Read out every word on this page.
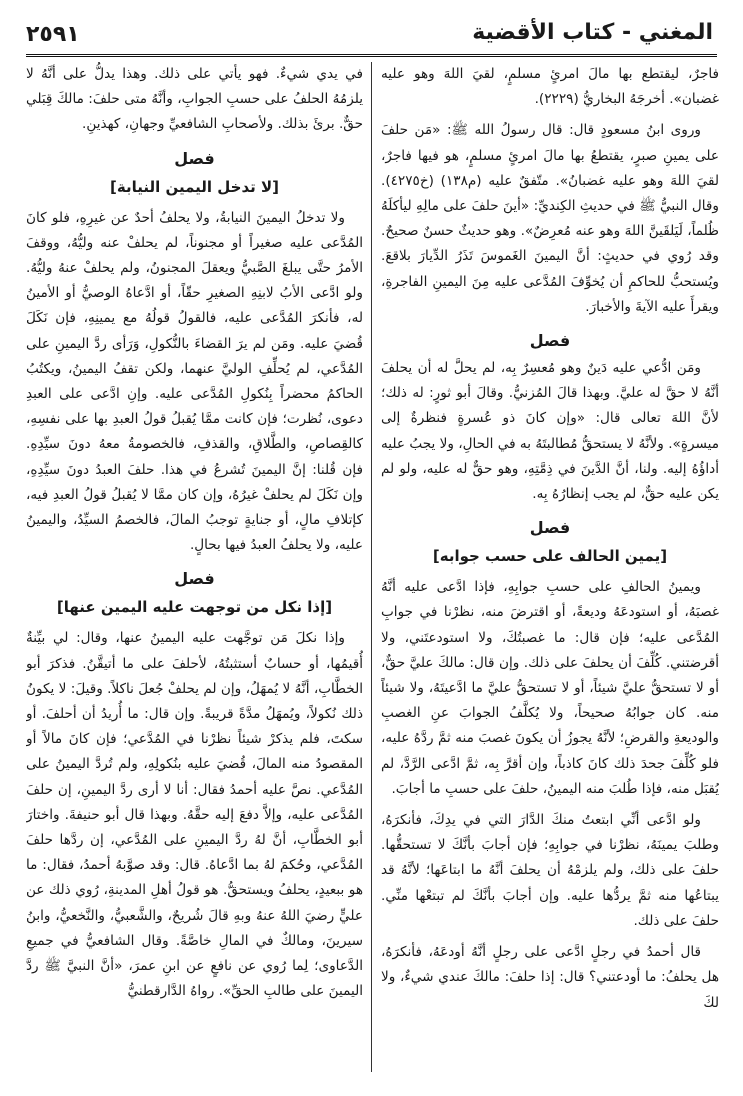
٢٥٩١	المغني - كتاب الأقضية

فاجرٌ، ليقتطع بها مالَ امرئٍ مسلمٍ، لقيَ اللهَ وهو عليه غضبان». أخرجَهُ البخاريُّ (٢٢٢٩).

وروى ابنُ مسعودٍ قال: قال رسولُ الله ﷺ: «مَن حلفَ على يمينِ صبرٍ، يقتطعُ بها مالَ امرئٍ مسلمٍ، هو فيها فاجرٌ، لقيَ اللهَ وهو عليه غضبانُ». متّفقٌ عليه (م١٣٨) (خ٤٢٧٥). وقال النبيُّ ﷺ في حديثِ الكِنديِّ: «أينَ حلفَ على مالِهِ ليأكلَهُ ظُلماً، لَيَلقَينَّ اللهَ وهو عنه مُعرِضٌ». وهو حديثٌ حسنٌ صحيحٌ. وقد رُوي في حديثٍ: أنَّ اليمينَ الغَموسَ تَذَرُ الدِّيارَ بلاقعَ. ويُستحبُّ للحاكمِ أن يُخوِّفَ المُدَّعى عليه مِنَ اليمينِ الفاجرةِ، ويقرأَ عليه الآيةَ والأخبارَ.

فصل

ومَن ادُّعي عليه دَينٌ وهو مُعسِرٌ بِه، لم يحلَّ له أن يحلفَ أنَّهُ لا حقَّ له عليَّ. وبهذا قالَ المُزنيُّ. وقالَ أبو ثورٍ: له ذلك؛ لأنَّ اللهَ تعالى قال: «وإن كانَ ذو عُسرةٍ فنظرةٌ إلى ميسرةٍ». ولأنَّهُ لا يستحقُّ مُطالبتَهُ به في الحالِ، ولا يجبُ عليه أداؤُهُ إليه. ولنا، أنَّ الدَّينَ في ذِمَّتِهِ، وهو حقٌّ له عليه، ولو لم يكن عليه حقٌّ، لم يجب إنظارُهُ بِه.

فصل
[يمين الحالف على حسب جوابه]

ويمينُ الحالفِ على حسبِ جوابِهِ، فإذا ادَّعى عليه أنَّهُ غصبَهُ، أو استودعَهُ وديعةً، أو اقترضَ منه، نظرْنا في جوابِ المُدَّعى عليه؛ فإن قال: ما غصبتُكَ، ولا استودعتَني، ولا أقرضتني. كُلِّفَ أن يحلفَ على ذلك. وإن قال: مالكَ عليَّ حقٌّ، أو لا تستحقُّ عليَّ شيئاً، أو لا تستحقُّ عليَّ ما ادَّعيتَهُ، ولا شيئاً منه. كان جوابُهُ صحيحاً، ولا يُكلَّفُ الجوابَ عنِ الغصبِ والوديعةِ والقرضِ؛ لأنَّهُ يجوزُ أن يكونَ غصبَ منه ثمَّ ردَّهُ عليه، فلو كُلِّفَ جحدَ ذلك كانَ كاذباً، وإن أقرَّ بِه، ثمَّ ادَّعى الرَّدَّ، لم يُقبَل منه، فإذا طُلبَ منه اليمينُ، حلفَ على حسبِ ما أجابَ.

ولو ادَّعى أنِّي ابتعتُ منكَ الدَّارَ التي في يدِكَ، فأنكرَهُ، وطلبَ يمينَهُ، نظرْنا في جوابِهِ؛ فإن أجابَ بأنَّكَ لا تستحقُّها. حلفَ على ذلك، ولم يلزمْهُ أن يحلفَ أنَّهُ ما ابتاعَها؛ لأنَّهُ قد يبتاعُها منه ثمَّ يردُّها عليه. وإن أجابَ بأنَّكَ لم تبتعْها منِّي. حلفَ على ذلك.

قال أحمدُ في رجلٍ ادَّعى على رجلٍ أنَّهُ أودعَهُ، فأنكرَهُ، هل يحلفُ: ما أودعتني؟ قال: إذا حلفَ: مالكَ عندي شيءٌ، ولا لكَ

في يدي شيءٌ. فهو يأتي على ذلك. وهذا يدلُّ على أنَّهُ لا يلزمُهُ الحلفُ على حسبِ الجوابِ، وأنَّهُ متى حلفَ: مالكَ قِبَلي حقٌّ. برئَ بذلك. ولأصحابِ الشافعيِّ وجهانِ، كهذينِ.

فصل
[لا تدخل اليمين النيابة]

ولا تدخلُ اليمينَ النيابةُ، ولا يحلفُ أحدٌ عن غيرِهِ، فلو كانَ المُدَّعى عليه صغيراً أو مجنوناً، لم يحلفْ عنه وليُّهُ، ووقفَ الأمرُ حتَّى يبلغَ الصَّبيُّ ويعقلَ المجنونُ، ولم يحلفْ عنهُ وليُّهُ. ولو ادَّعى الأبُ لابنِهِ الصغيرِ حقّاً، أو ادَّعاهُ الوصيُّ أو الأمينُ له، فأنكرَ المُدَّعى عليه، فالقولُ قولُهُ مع يمينِهِ، فإن نَكَلَ قُضيَ عليه. ومَن لم يرَ القضاءَ بالنُّكولِ، وَرَأى ردَّ اليمينِ على المُدَّعي، لم يُحلِّفِ الوليَّ عنهما، ولكن تقفُ اليمينُ، ويكتُبُ الحاكمُ محضراً بِنُكولِ المُدَّعى عليه. وإنِ ادَّعى على العبدِ دعوى، نُظرت؛ فإن كانت ممَّا يُقبلُ قولُ العبدِ بها على نفسِهِ، كالقِصاصِ، والطَّلاقِ، والقذفِ، فالخصومةُ معهُ دونَ سيِّدِهِ. فإن قُلنا: إنَّ اليمينَ تُشرعُ في هذا. حلفَ العبدُ دونَ سيِّدِهِ، وإن نَكَلَ لم يحلفْ غيرُهُ، وإن كان ممَّا لا يُقبلُ قولُ العبدِ فيه، كإتلافِ مالٍ، أو جنايةٍ توجبُ المالَ، فالخصمُ السيِّدُ، واليمينُ عليه، ولا يحلفُ العبدُ فيها بحالٍ.

فصل
[إذا نكل من توجهت عليه اليمين عنها]

وإذا نكلَ مَن توجَّهت عليه اليمينُ عنها، وقال: لي بيِّنةٌ أُقيمُها، أو حسابٌ أستثبتُهُ، لأحلفَ على ما أتيقَّنُ. فذكرَ أبو الخطَّابِ، أنَّهُ لا يُمهَلُ، وإن لم يحلفْ جُعلَ ناكلاً. وقيلَ: لا يكونُ ذلك نُكولاً، ويُمهَلُ مدَّةً قريبةً. وإن قال: ما أُريدُ أن أحلفَ. أو سكتَ، فلم يذكرْ شيئاً نظرْنا في المُدَّعي؛ فإن كانَ مالاً أو المقصودُ منه المالَ، قُضيَ عليه بنُكولِهِ، ولم تُردَّ اليمينُ على المُدَّعي. نصَّ عليه أحمدُ فقال: أنا لا أرى ردَّ اليمينِ، إن حلفَ المُدَّعى عليه، وإلاَّ دفعَ إليه حقَّهُ. وبهذا قال أبو حنيفةَ. واختارَ أبو الخطَّابِ، أنَّ لهُ ردَّ اليمينِ على المُدَّعي، إن ردَّها حلفَ المُدَّعي، وحُكمَ لهُ بما ادَّعاهُ. قال: وقد صوَّبهُ أحمدُ، فقال: ما هو ببعيدٍ، يحلفُ ويستحقُّ. هو قولُ أهلِ المدينةِ، رُوي ذلك عن عليٍّ رضيَ اللهُ عنهُ وبهِ قالَ شُريحٌ، والشَّعبيُّ، والنَّخعيُّ، وابنُ سيرينَ، ومالكٌ في المالِ خاصَّةً. وقال الشافعيُّ في جميعِ الدَّعاوى؛ لِما رُوي عن نافعٍ عن ابنِ عمرَ، «أنَّ النبيَّ ﷺ ردَّ اليمينَ على طالبِ الحقِّ». رواهُ الدَّارقطنيُّ
